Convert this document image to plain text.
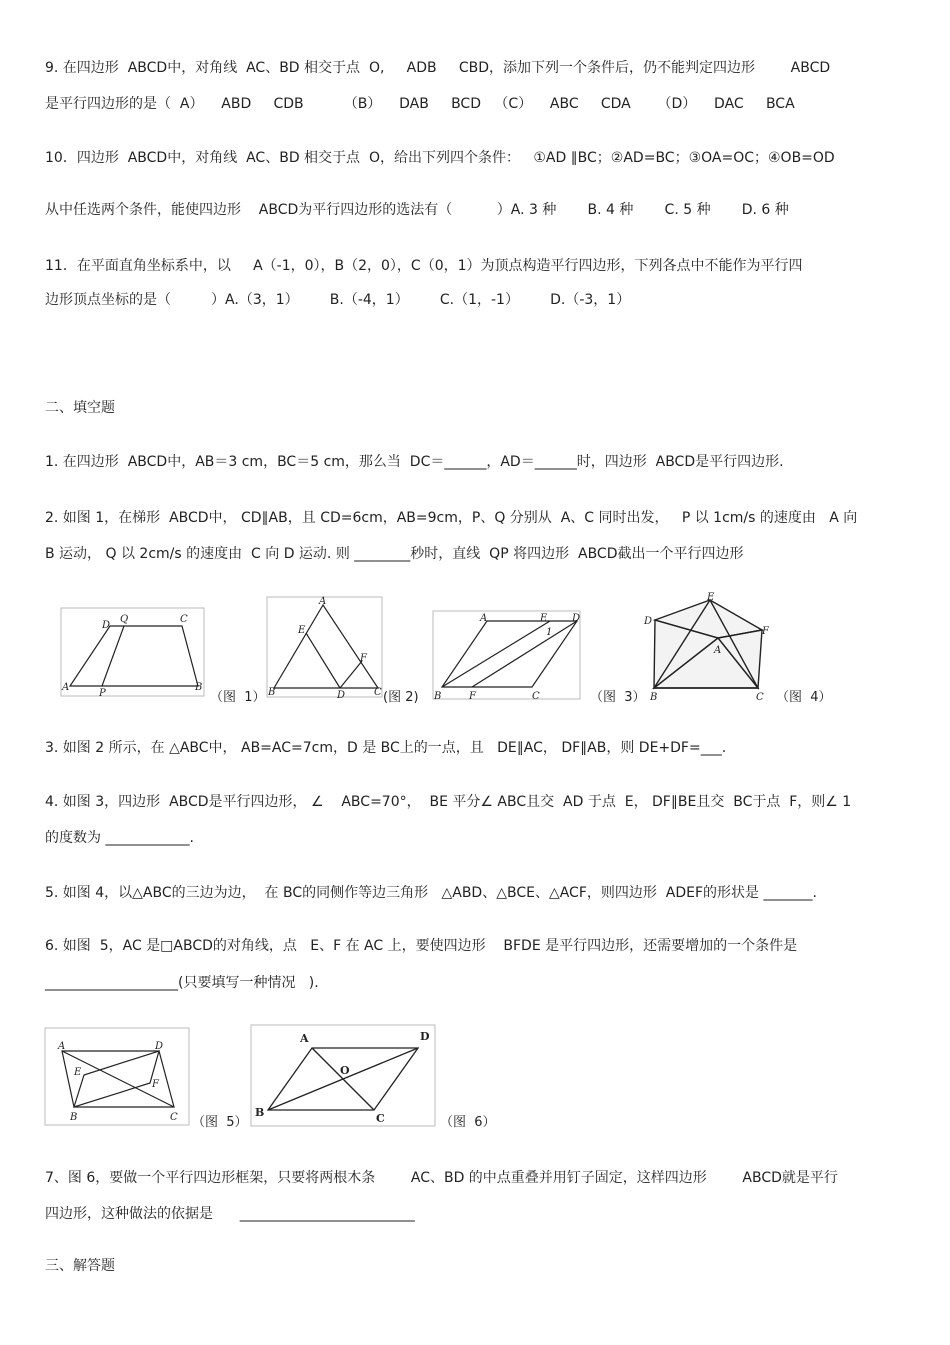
9. 在四边形  ABCD中，对角线  AC、BD 相交于点  O,     ADB     CBD，添加下列一个条件后，仍不能判定四边形        ABCD
是平行四边形的是（  A）    ABD     CDB         （B）    DAB     BCD   （C）    ABC     CDA      （D）    DAC     BCA
10．四边形  ABCD中，对角线  AC、BD 相交于点  O，给出下列四个条件：   ①AD ∥BC；②AD=BC；③OA=OC；④OB=OD
从中任选两个条件，能使四边形    ABCD为平行四边形的选法有（          ）A. 3 种       B. 4 种       C. 5 种       D. 6 种
11．在平面直角坐标系中，以     A（-1，0），B（2，0），C（0，1）为顶点构造平行四边形，下列各点中不能作为平行四
边形顶点坐标的是（         ）A.（3，1）       B.（-4，1）       C.（1，-1）       D.（-3，1）
二、填空题
1. 在四边形  ABCD中，AB＝3 cm，BC＝5 cm，那么当  DC＝______，AD＝______时，四边形  ABCD是平行四边形.
2. 如图 1，在梯形  ABCD中， CD∥AB，且 CD=6cm，AB=9cm，P、Q 分别从  A、C 同时出发，   P 以 1cm/s 的速度由   A 向
B 运动， Q 以 2cm/s 的速度由  C 向 D 运动. 则 ________秒时，直线  QP 将四边形  ABCD截出一个平行四边形
D
Q	C
A
P
B
（图  1）
A
E
F
B	D	C (图 2)
A	E D
1
B	F	C	（图  3）
E
D
F
A
B	C （图  4）
3. 如图 2 所示，在 △ABC中， AB=AC=7cm，D 是 BC上的一点，且   DE∥AC， DF∥AB，则 DE+DF=___.
4. 如图 3，四边形  ABCD是平行四边形， ∠    ABC=70°，  BE 平分∠ ABC且交  AD 于点  E， DF∥BE且交  BC于点  F，则∠ 1
的度数为 ____________.
5. 如图 4，以△ABC的三边为边，  在 BC的同侧作等边三角形   △ABD、△BCE、△ACF，则四边形  ADEF的形状是 _______.
6. 如图  5，AC 是□ABCD的对角线，点   E、F 在 AC 上，要使四边形    BFDE 是平行四边形，还需要增加的一个条件是
___________________(只要填写一种情况   ).
A	D
E
F
B	C （图  5）
A	D
O
B	C	（图  6）
7、图 6，要做一个平行四边形框架，只要将两根木条        AC、BD 的中点重叠并用钉子固定，这样四边形        ABCD就是平行
四边形，这种做法的依据是      _________________________
三、解答题
